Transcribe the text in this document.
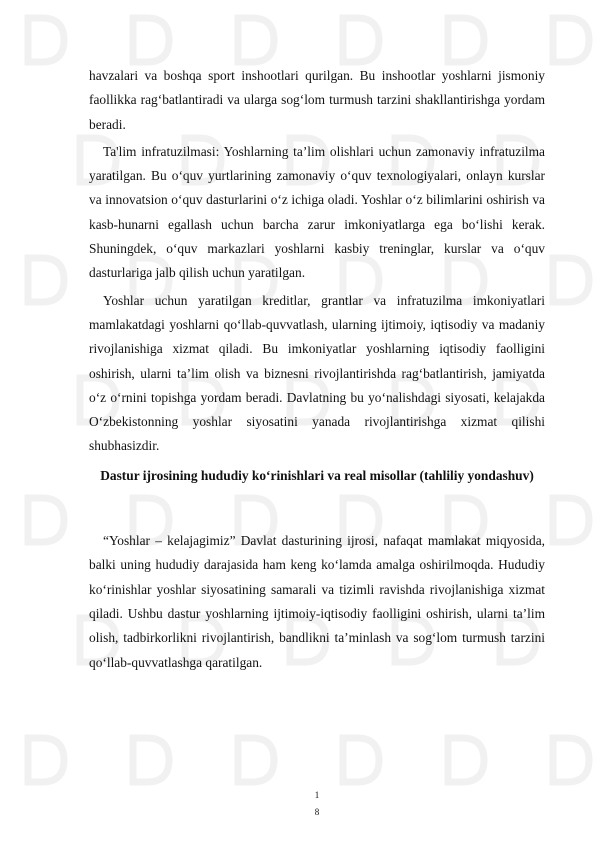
havzalari va boshqa sport inshootlari qurilgan. Bu inshootlar yoshlarni jismoniy faollikka rag‘batlantiradi va ularga sog‘lom turmush tarzini shakllantirishga yordam beradi.

Ta'lim infratuzilmasi: Yoshlarning ta’lim olishlari uchun zamonaviy infratuzilma yaratilgan. Bu o‘quv yurtlarining zamonaviy o‘quv texnologiyalari, onlayn kurslar va innovatsion o‘quv dasturlarini o‘z ichiga oladi. Yoshlar o‘z bilimlarini oshirish va kasb-hunarni egallash uchun barcha zarur imkoniyatlarga ega bo‘lishi kerak. Shuningdek, o‘quv markazlari yoshlarni kasbiy treninglar, kurslar va o‘quv dasturlariga jalb qilish uchun yaratilgan.

Yoshlar uchun yaratilgan kreditlar, grantlar va infratuzilma imkoniyatlari mamlakatdagi yoshlarni qo‘llab-quvvatlash, ularning ijtimoiy, iqtisodiy va madaniy rivojlanishiga xizmat qiladi. Bu imkoniyatlar yoshlarning iqtisodiy faolligini oshirish, ularni ta’lim olish va biznesni rivojlantirishda rag‘batlantirish, jamiyatda o‘z o‘rnini topishga yordam beradi. Davlatning bu yo‘nalishdagi siyosati, kelajakda O‘zbekistonning yoshlar siyosatini yanada rivojlantirishga xizmat qilishi shubhasizdir.

Dastur ijrosining hududiy ko‘rinishlari va real misollar (tahliliy yondashuv)

“Yoshlar – kelajagimiz” Davlat dasturining ijrosi, nafaqat mamlakat miqyosida, balki uning hududiy darajasida ham keng ko‘lamda amalga oshirilmoqda. Hududiy ko‘rinishlar yoshlar siyosatining samarali va tizimli ravishda rivojlanishiga xizmat qiladi. Ushbu dastur yoshlarning ijtimoiy-iqtisodiy faolligini oshirish, ularni ta’lim olish, tadbirkorlikni rivojlantirish, bandlikni ta’minlash va sog‘lom turmush tarzini qo‘llab-quvvatlashga qaratilgan.

1
8
